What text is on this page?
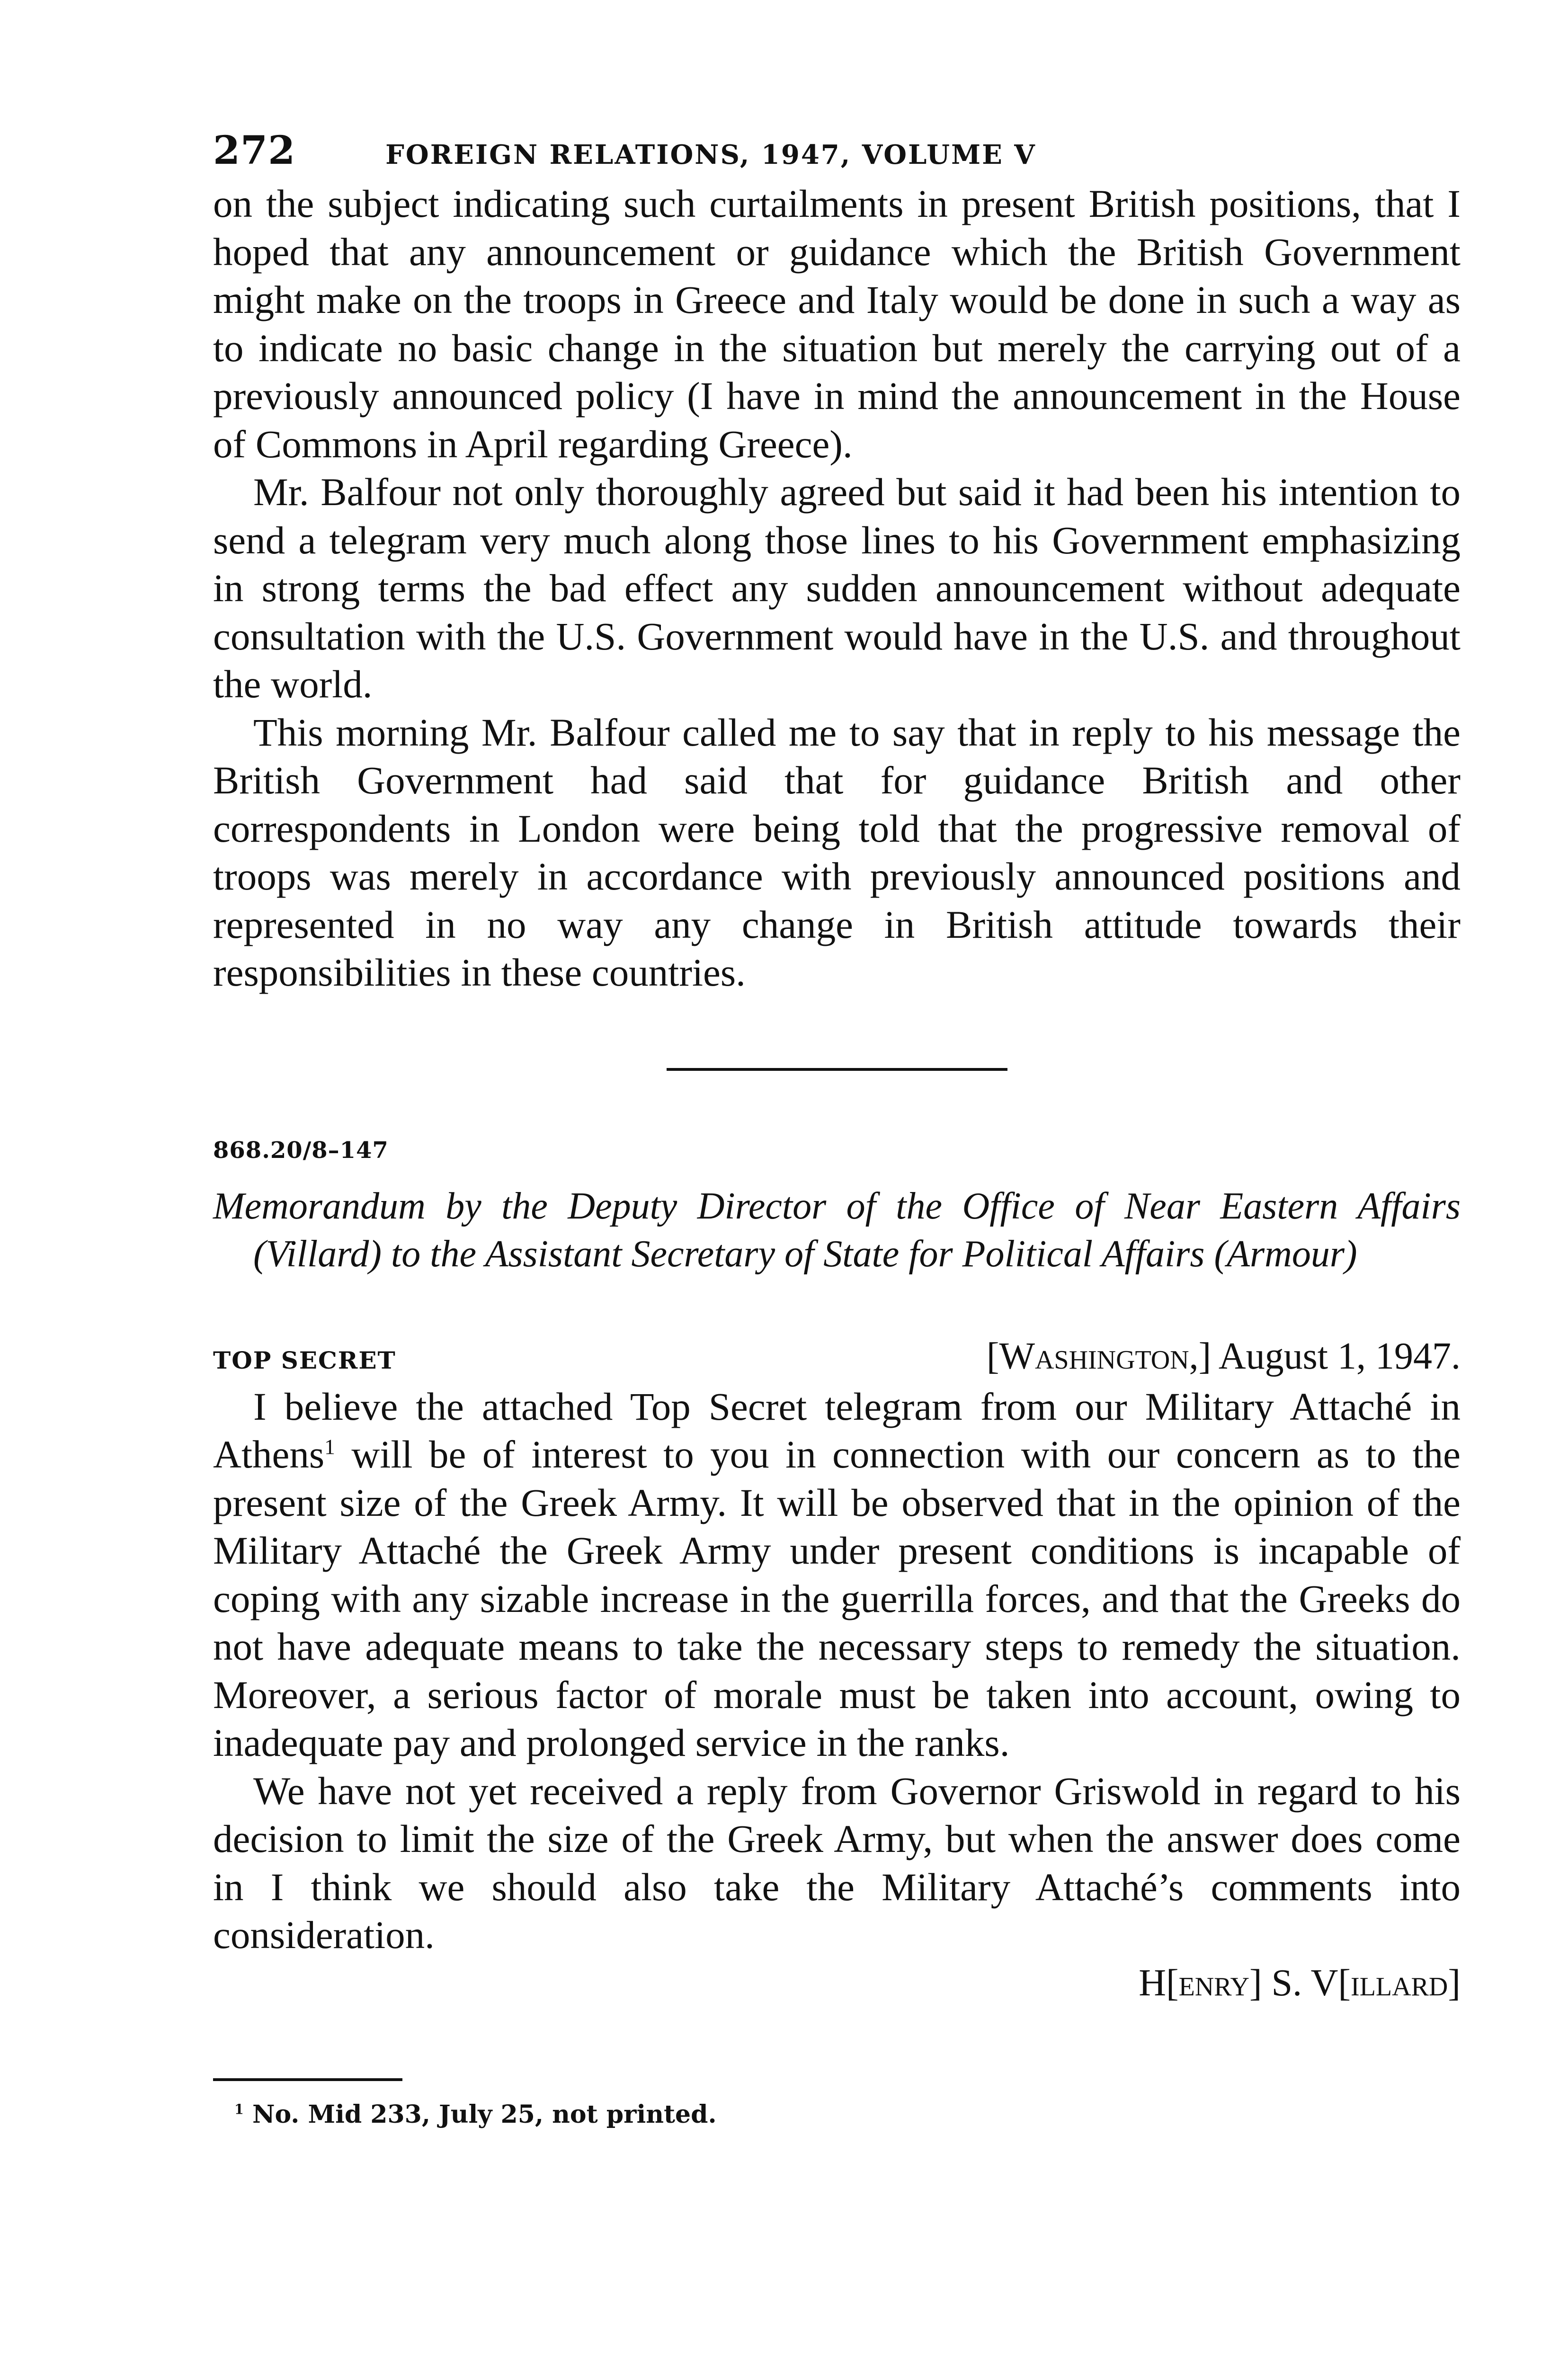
272	FOREIGN RELATIONS, 1947, VOLUME V

on the subject indicating such curtailments in present British positions, that I hoped that any announcement or guidance which the British Government might make on the troops in Greece and Italy would be done in such a way as to indicate no basic change in the situation but merely the carrying out of a previously announced policy (I have in mind the announcement in the House of Commons in April regarding Greece).

Mr. Balfour not only thoroughly agreed but said it had been his intention to send a telegram very much along those lines to his Government emphasizing in strong terms the bad effect any sudden announcement without adequate consultation with the U.S. Government would have in the U.S. and throughout the world.

This morning Mr. Balfour called me to say that in reply to his message the British Government had said that for guidance British and other correspondents in London were being told that the progressive removal of troops was merely in accordance with previously announced positions and represented in no way any change in British attitude towards their responsibilities in these countries.

868.20/8–147
Memorandum by the Deputy Director of the Office of Near Eastern Affairs (Villard) to the Assistant Secretary of State for Political Affairs (Armour)
TOP SECRET	[Washington,] August 1, 1947.

I believe the attached Top Secret telegram from our Military Attaché in Athens$^1$ will be of interest to you in connection with our concern as to the present size of the Greek Army. It will be observed that in the opinion of the Military Attaché the Greek Army under present conditions is incapable of coping with any sizable increase in the guerrilla forces, and that the Greeks do not have adequate means to take the necessary steps to remedy the situation. Moreover, a serious factor of morale must be taken into account, owing to inadequate pay and prolonged service in the ranks.

We have not yet received a reply from Governor Griswold in regard to his decision to limit the size of the Greek Army, but when the answer does come in I think we should also take the Military Attaché’s comments into consideration.

H[enry] S. V[illard]
$^1$ No. Mid 233, July 25, not printed.
